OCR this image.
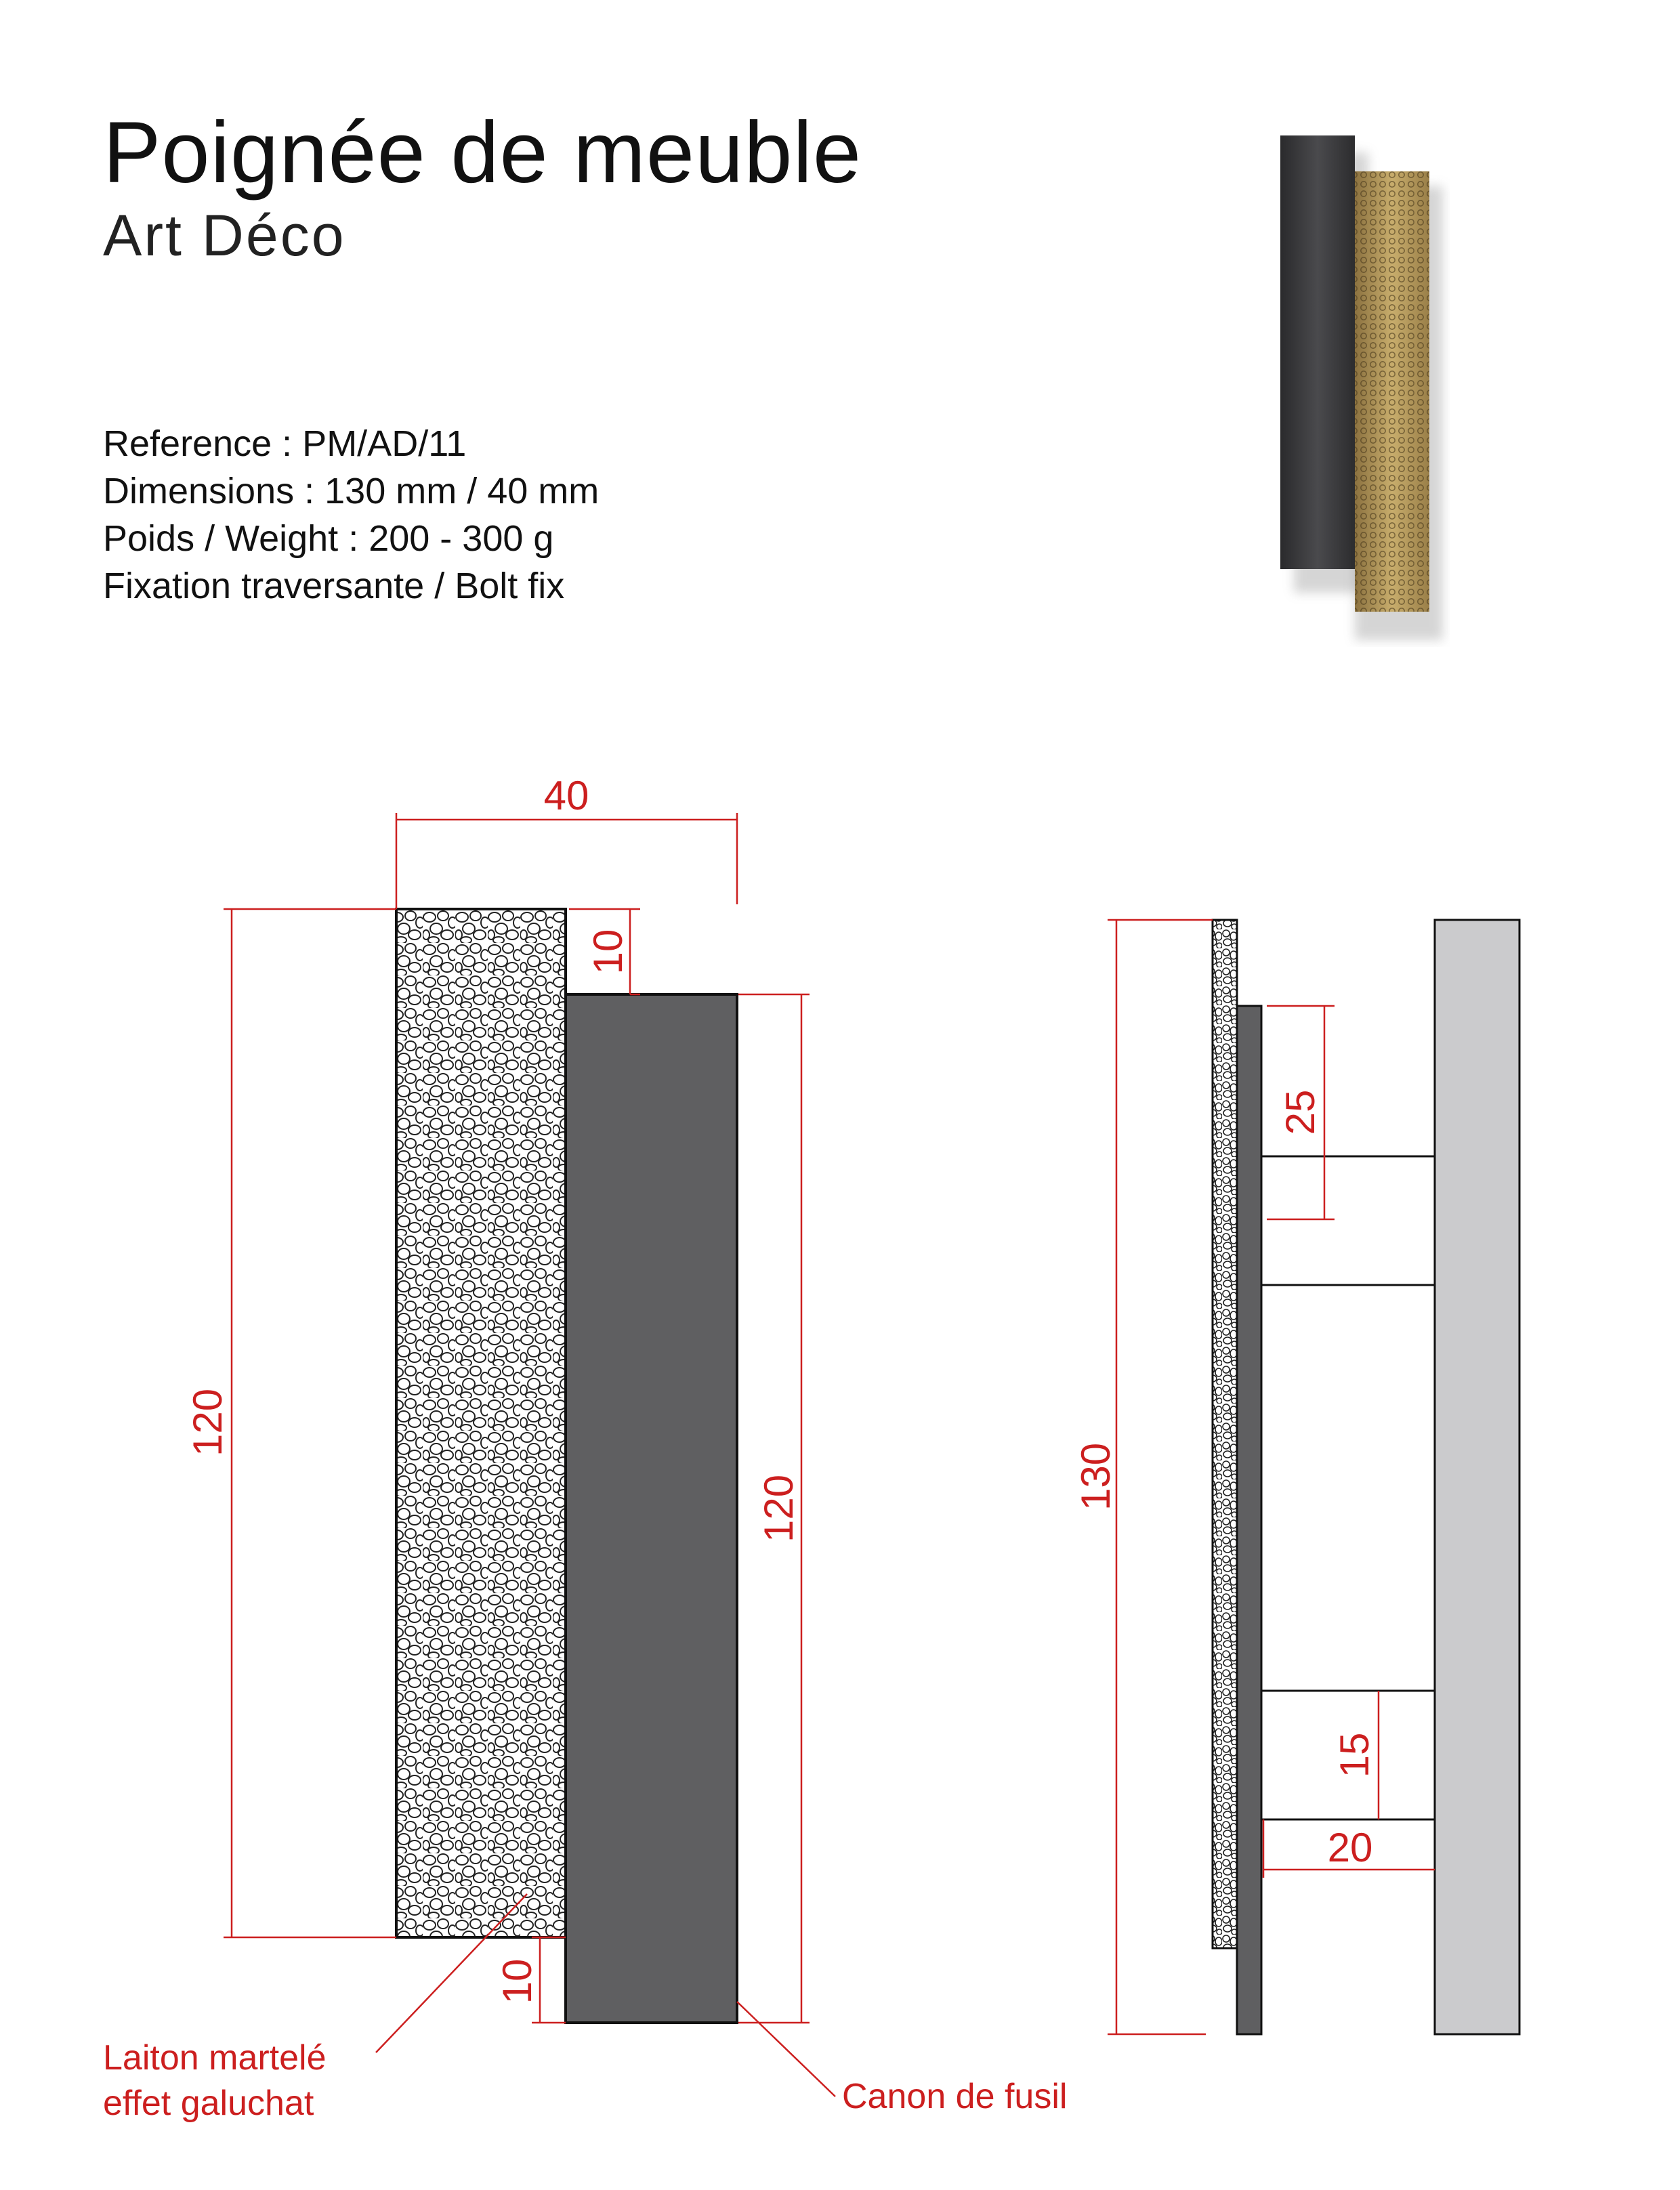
Poignée de meuble
Art Déco
Reference : PM/AD/11
Dimensions : 130 mm / 40 mm
Poids / Weight : 200 - 300 g
Fixation traversante / Bolt fix
40
10
120
120
10
Laiton martelé
effet galuchat	Canon de fusil
130
25
15
20
